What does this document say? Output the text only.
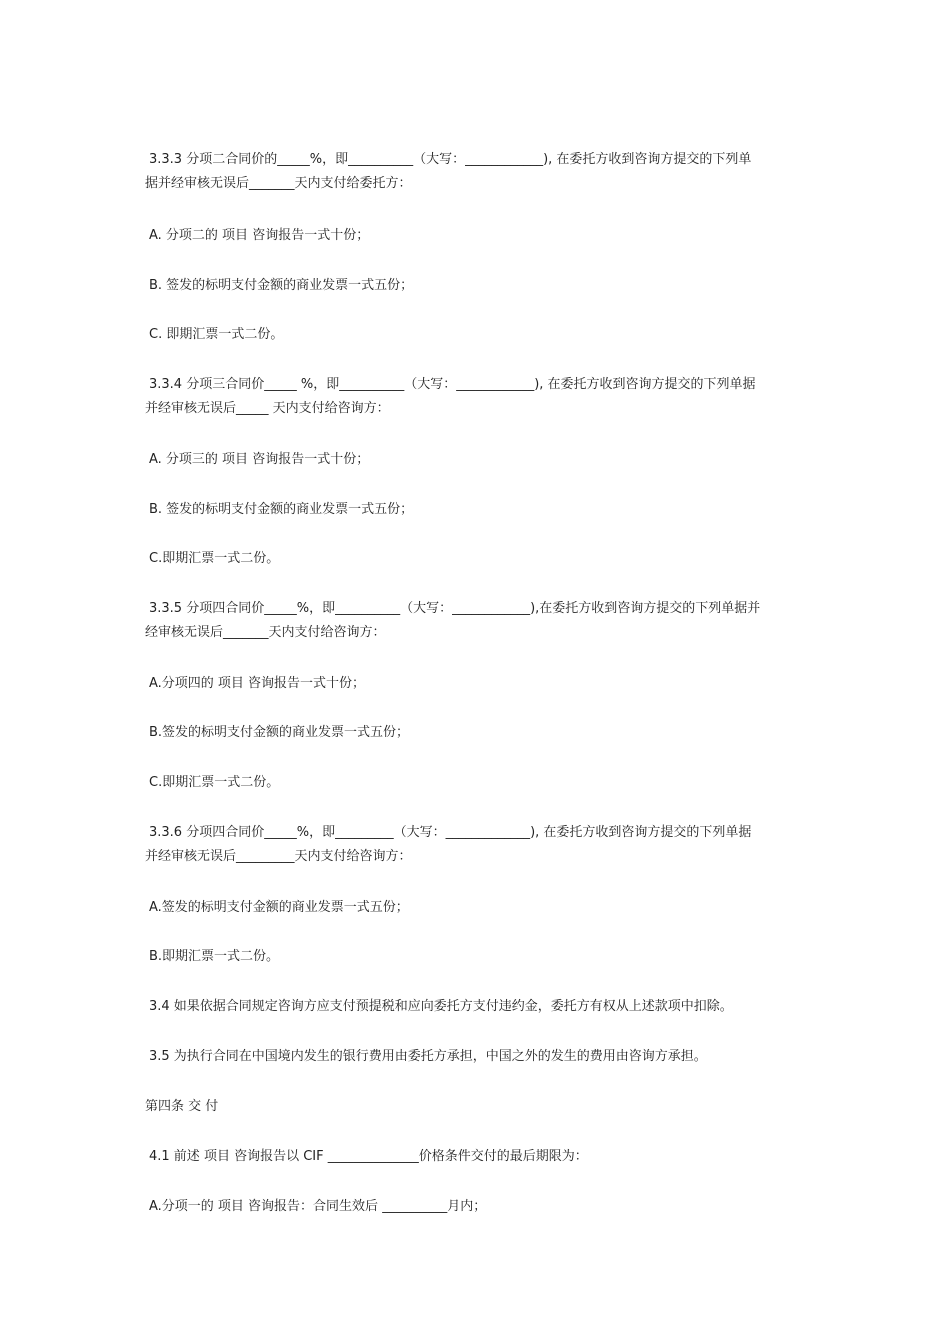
3.3.3 分项二合同价的_____%，即__________（大写：____________), 在委托方收到咨询方提交的下列单
据并经审核无误后_______天内支付给委托方：
A. 分项二的 项目 咨询报告一式十份；
B. 签发的标明支付金额的商业发票一式五份；
C. 即期汇票一式二份。
3.3.4 分项三合同价_____ %，即__________（大写：____________), 在委托方收到咨询方提交的下列单据
并经审核无误后_____ 天内支付给咨询方：
A. 分项三的 项目 咨询报告一式十份；
B. 签发的标明支付金额的商业发票一式五份；
C.即期汇票一式二份。
3.3.5 分项四合同价_____%，即__________（大写：____________),在委托方收到咨询方提交的下列单据并
经审核无误后_______天内支付给咨询方：
A.分项四的 项目 咨询报告一式十份；
B.签发的标明支付金额的商业发票一式五份；
C.即期汇票一式二份。
3.3.6 分项四合同价_____%，即_________（大写：_____________), 在委托方收到咨询方提交的下列单据
并经审核无误后_________天内支付给咨询方：
A.签发的标明支付金额的商业发票一式五份；
B.即期汇票一式二份。
3.4 如果依据合同规定咨询方应支付预提税和应向委托方支付违约金，委托方有权从上述款项中扣除。
3.5 为执行合同在中国境内发生的银行费用由委托方承担，中国之外的发生的费用由咨询方承担。
第四条 交 付
4.1 前述 项目 咨询报告以 CIF ______________价格条件交付的最后期限为：
A.分项一的 项目 咨询报告：合同生效后 __________月内；
